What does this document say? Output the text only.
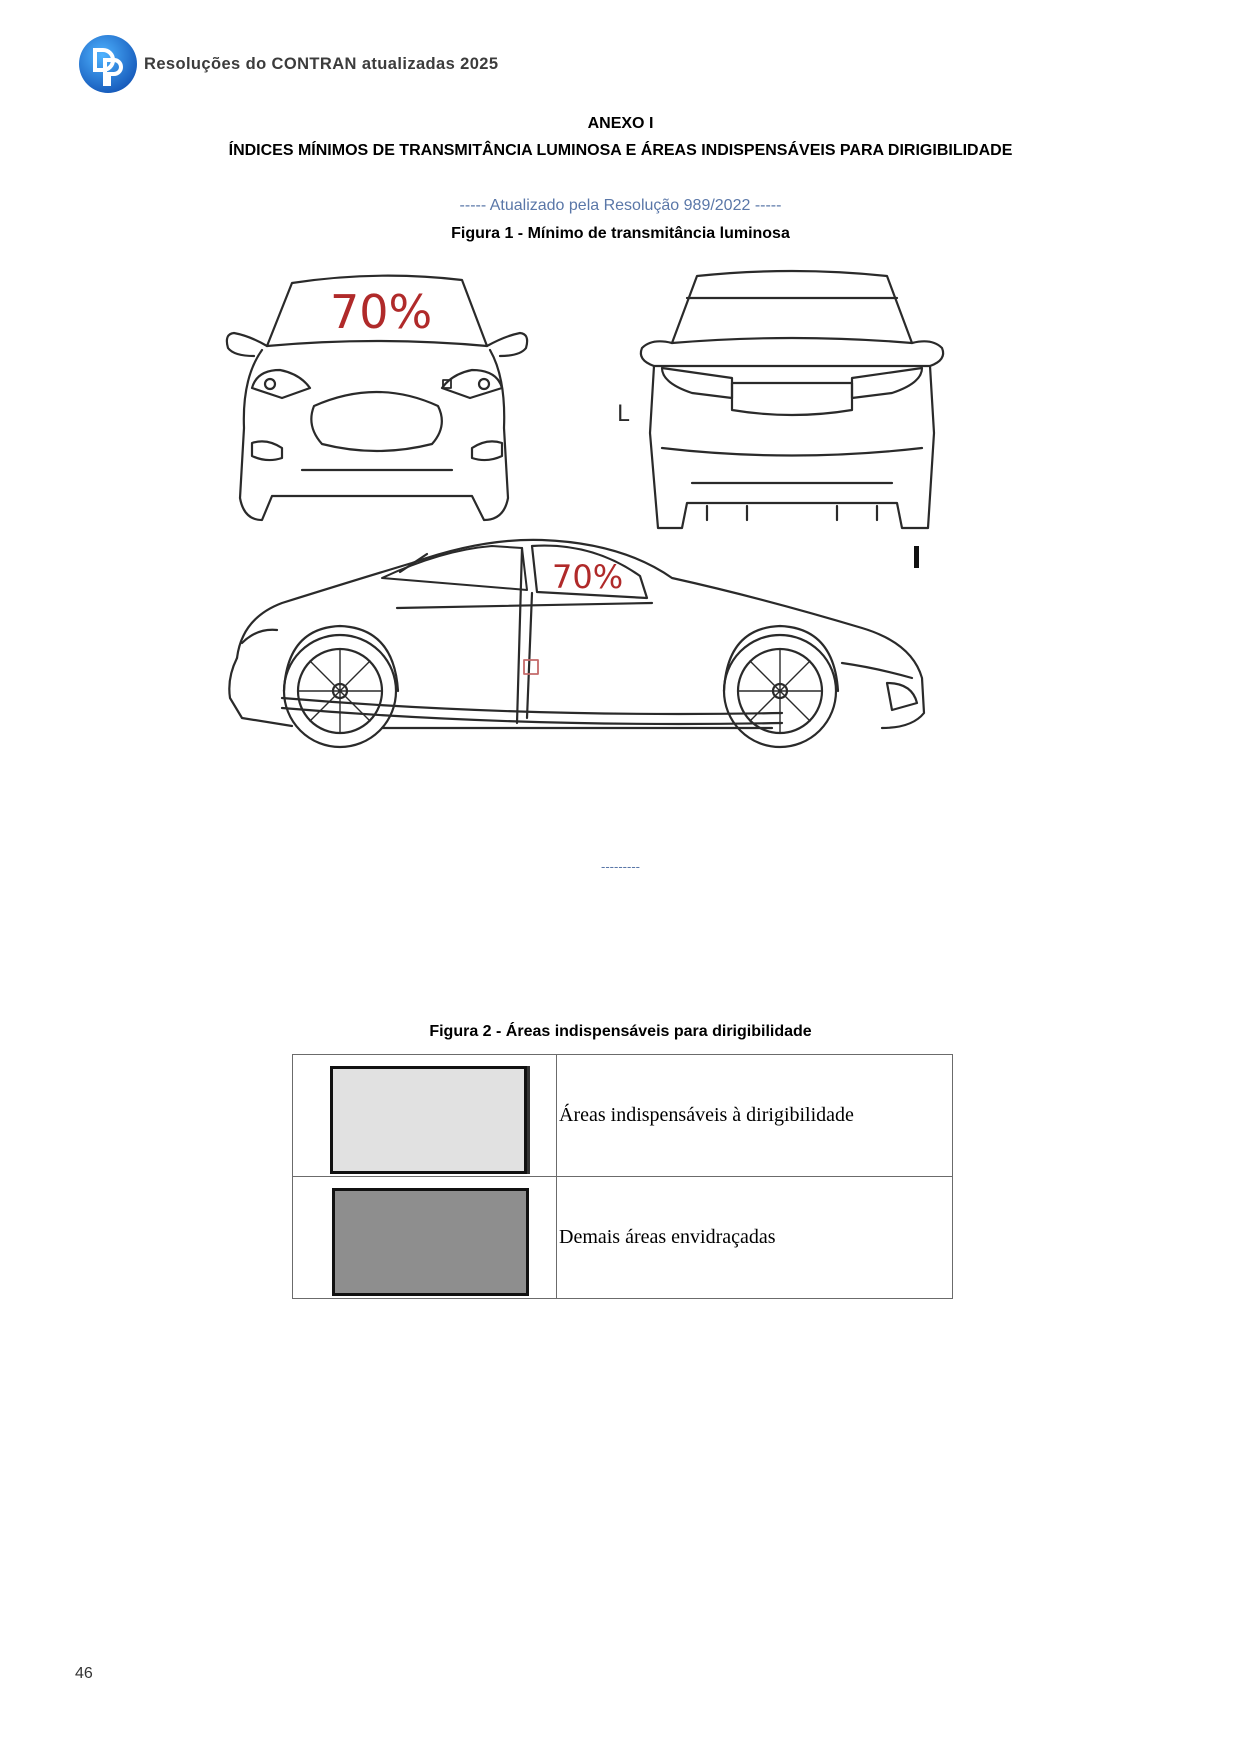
Resoluções do CONTRAN atualizadas 2025
ANEXO I
ÍNDICES MÍNIMOS DE TRANSMITÂNCIA LUMINOSA E ÁREAS INDISPENSÁVEIS PARA DIRIGIBILIDADE
----- Atualizado pela Resolução 989/2022 -----
Figura 1 - Mínimo de transmitância luminosa
70%
L
70%
---------
Figura 2 - Áreas indispensáveis para dirigibilidade
	Áreas indispensáveis à dirigibilidade

	Demais áreas envidraçadas
46
